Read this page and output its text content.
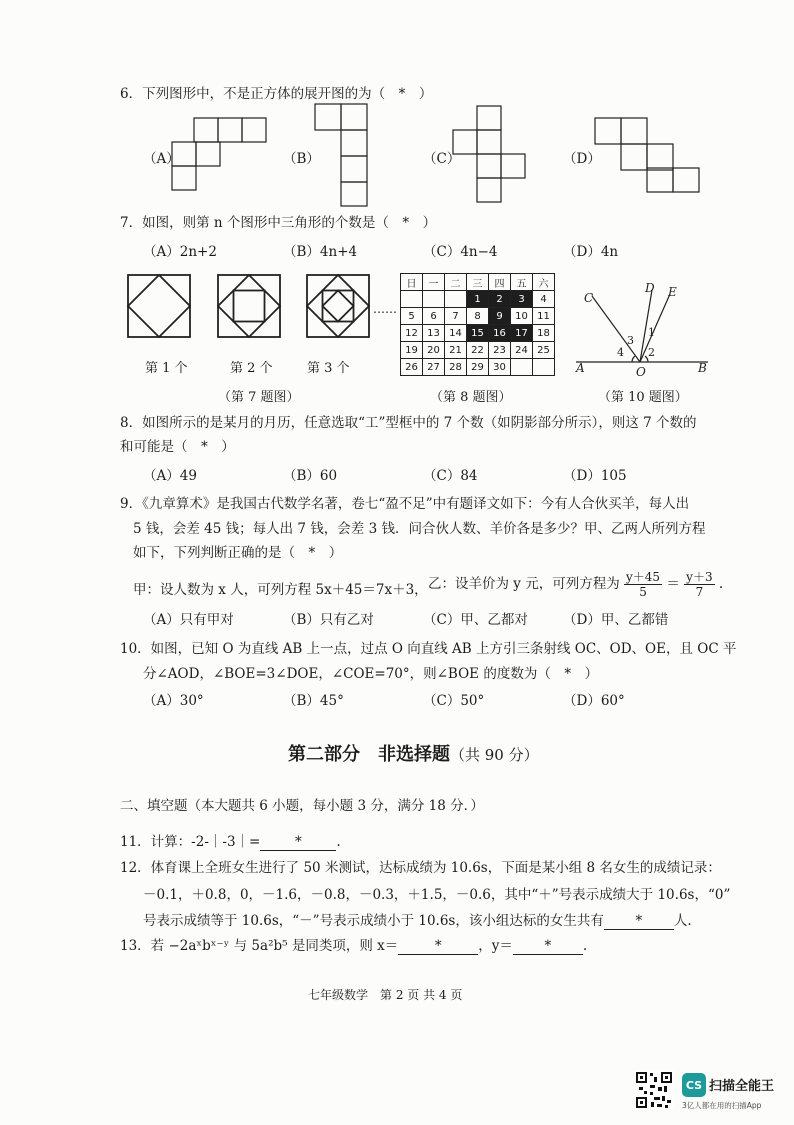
6．下列图形中，不是正方体的展开图的为（　*　）
（A）	（B）	（C）	（D）
7．如图，则第 n 个图形中三角形的个数是（　*　）
（A）2n+2	（B）4n+4	（C）4n−4	（D）4n
……
第 1 个	第 2 个	第 3 个
（第 7 题图）
日	一	二	三	四	五	六
			1	2	3	4
5	6	7	8	9	10	11
12	13	14	15	16	17	18
19	20	21	22	23	24	25
26	27	28	29	30		
（第 8 题图）
A	B
O
C
D E
1
2
3
4
（第 10 题图）
8．如图所示的是某月的月历，任意选取“工”型框中的 7 个数（如阴影部分所示），则这 7 个数的
和可能是（　*　）
（A）49	（B）60	（C）84	（D）105
9．《九章算术》是我国古代数学名著，卷七“盈不足”中有题译文如下：今有人合伙买羊，每人出
5 钱，会差 45 钱；每人出 7 钱，会差 3 钱．问合伙人数、羊价各是多少？甲、乙两人所列方程
如下，下列判断正确的是（　*　）
甲：设人数为 x 人，可列方程 5x＋45＝7x＋3， 乙：设羊价为 y 元，可列方程为 $\frac{y+45}{5} = \frac{y+3}{7}$ .
（A）只有甲对	（B）只有乙对	（C）甲、乙都对	（D）甲、乙都错
10．如图，已知 O 为直线 AB 上一点，过点 O 向直线 AB 上方引三条射线 OC、OD、OE，且 OC 平
分∠AOD，∠BOE=3∠DOE，∠COE=70°，则∠BOE 的度数为（　*　）
（A）30°	（B）45°	（C）50°	（D）60°
第二部分　非选择题（共 90 分）
二、填空题（本大题共 6 小题，每小题 3 分，满分 18 分．）
11．计算：-2-｜-3｜=	*	.
12．体育课上全班女生进行了 50 米测试，达标成绩为 10.6s，下面是某小组 8 名女生的成绩记录：
－0.1，＋0.8，0，－1.6，－0.8，－0.3，＋1.5，－0.6，其中“＋”号表示成绩大于 10.6s，“0”
号表示成绩等于 10.6s，“－”号表示成绩小于 10.6s，该小组达标的女生共有 * 人.
13．若 −2aˣbˣ⁻ʸ 与 5a²b⁵ 是同类项，则 x＝	*	，y＝ * .
七年级数学　第 2 页 共 4 页
CS 扫描全能王
3亿人都在用的扫描App
